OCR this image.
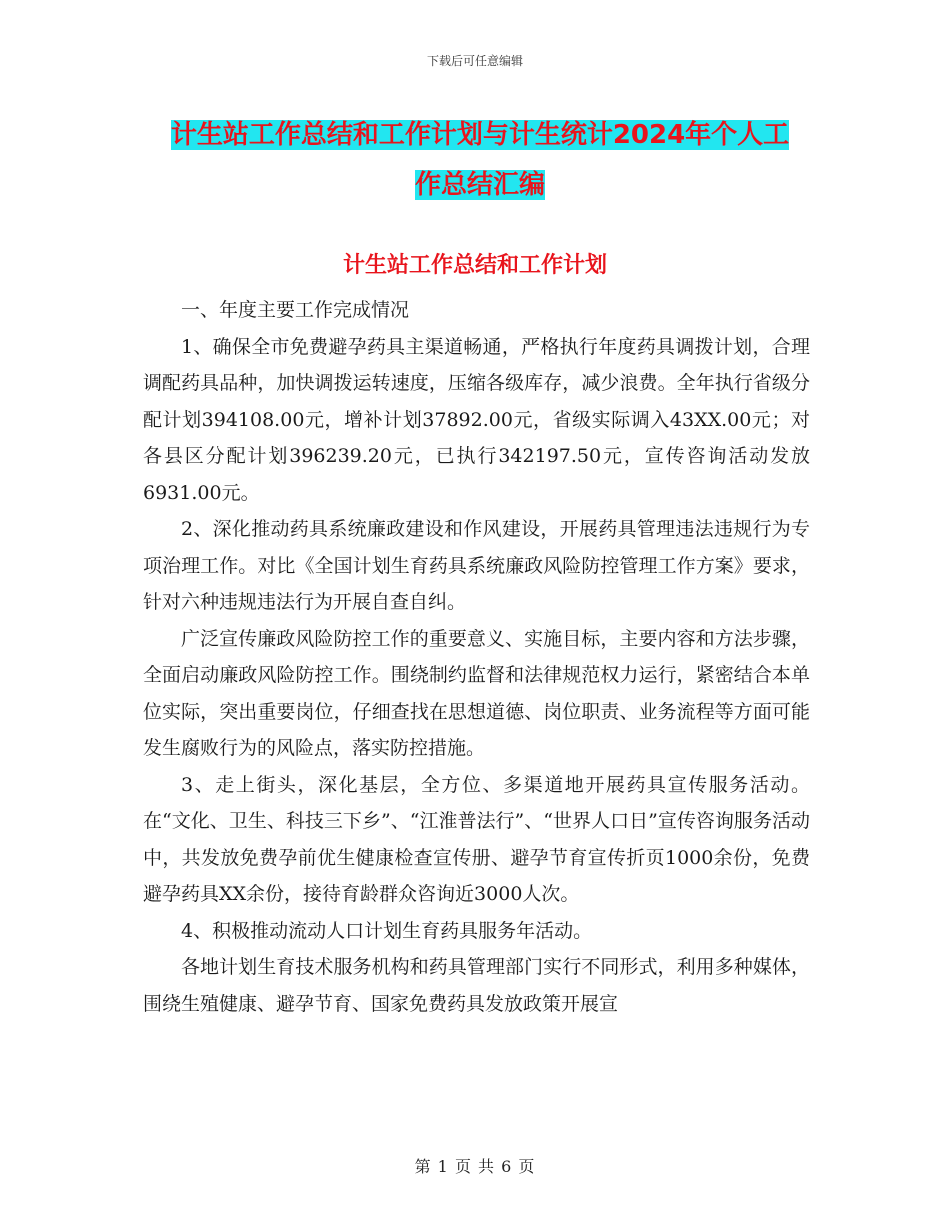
下载后可任意编辑
计生站工作总结和工作计划与计生统计2024年个人工
作总结汇编
计生站工作总结和工作计划

一、年度主要工作完成情况

1、确保全市免费避孕药具主渠道畅通，严格执行年度药具调拨计划，合理调配药具品种，加快调拨运转速度，压缩各级库存，减少浪费。全年执行省级分配计划394108.00元，增补计划37892.00元，省级实际调入43XX.00元；对各县区分配计划396239.20元，已执行342197.50元，宣传咨询活动发放6931.00元。

2、深化推动药具系统廉政建设和作风建设，开展药具管理违法违规行为专项治理工作。对比《全国计划生育药具系统廉政风险防控管理工作方案》要求，针对六种违规违法行为开展自查自纠。

广泛宣传廉政风险防控工作的重要意义、实施目标，主要内容和方法步骤，全面启动廉政风险防控工作。围绕制约监督和法律规范权力运行，紧密结合本单位实际，突出重要岗位，仔细查找在思想道德、岗位职责、业务流程等方面可能发生腐败行为的风险点，落实防控措施。

3、走上街头，深化基层，全方位、多渠道地开展药具宣传服务活动。在“文化、卫生、科技三下乡”、“江淮普法行”、“世界人口日”宣传咨询服务活动中，共发放免费孕前优生健康检查宣传册、避孕节育宣传折页1000余份，免费避孕药具XX余份，接待育龄群众咨询近3000人次。

4、积极推动流动人口计划生育药具服务年活动。

各地计划生育技术服务机构和药具管理部门实行不同形式，利用多种媒体，围绕生殖健康、避孕节育、国家免费药具发放政策开展宣

第 1 页 共 6 页
